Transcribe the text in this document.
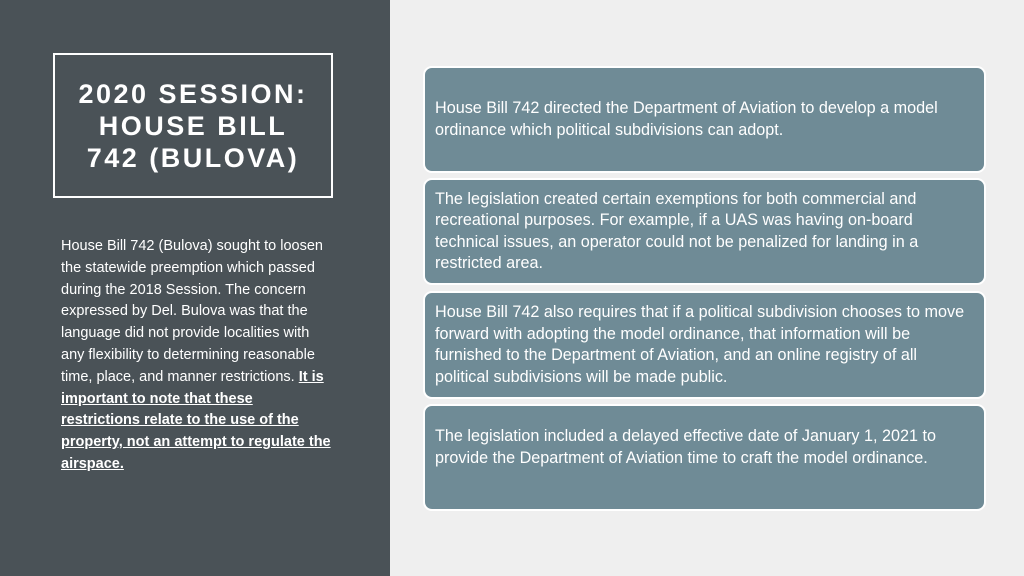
2020 SESSION: HOUSE BILL 742 (BULOVA)
House Bill 742 (Bulova) sought to loosen the statewide preemption which passed during the 2018 Session. The concern expressed by Del. Bulova was that the language did not provide localities with any flexibility to determining reasonable time, place, and manner restrictions. It is important to note that these restrictions relate to the use of the property, not an attempt to regulate the airspace.
House Bill 742 directed the Department of Aviation to develop a model ordinance which political subdivisions can adopt.
The legislation created certain exemptions for both commercial and recreational purposes. For example, if a UAS was having on-board technical issues, an operator could not be penalized for landing in a restricted area.
House Bill 742 also requires that if a political subdivision chooses to move forward with adopting the model ordinance, that information will be furnished to the Department of Aviation, and an online registry of all political subdivisions will be made public.
The legislation included a delayed effective date of January 1, 2021 to provide the Department of Aviation time to craft the model ordinance.
